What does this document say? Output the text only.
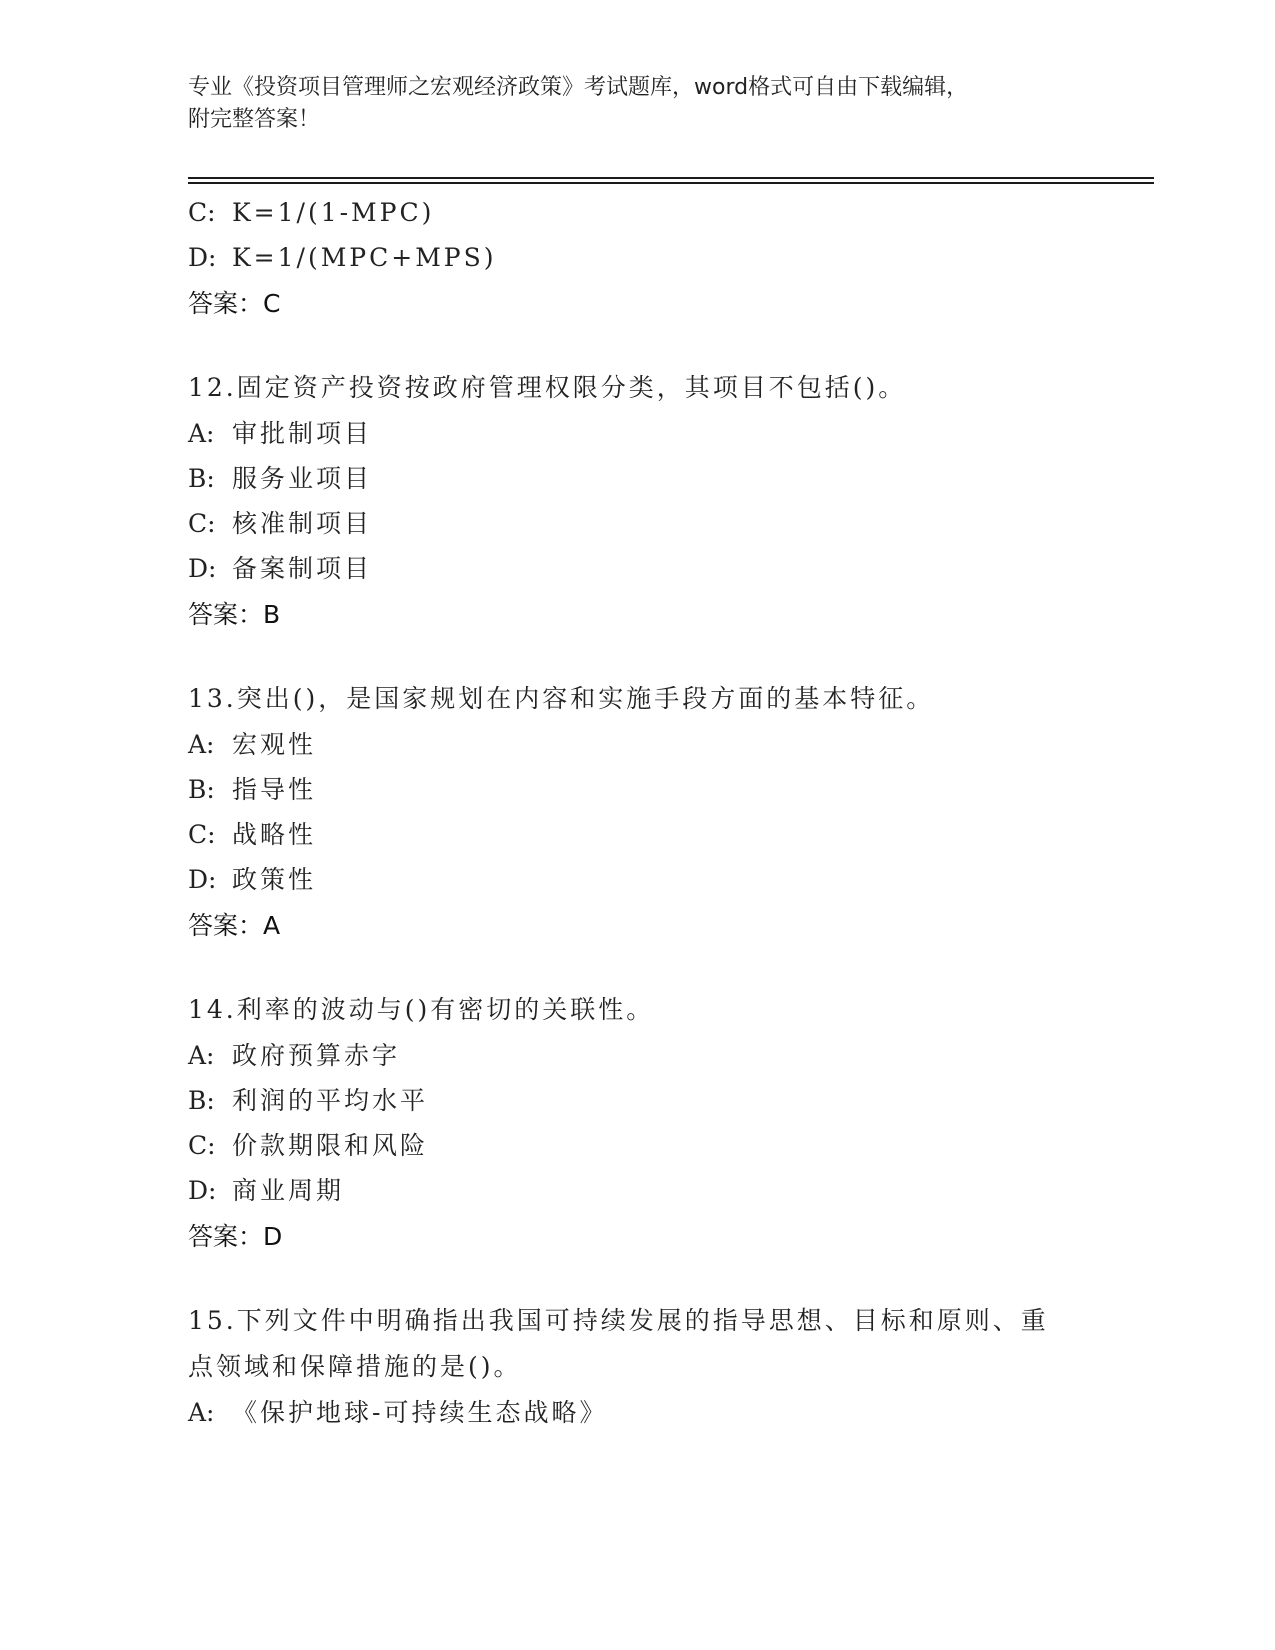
专业《投资项目管理师之宏观经济政策》考试题库，word格式可自由下载编辑，
附完整答案！
C: K=1/(1-MPC)
D: K=1/(MPC+MPS)
答案：C
12.固定资产投资按政府管理权限分类，其项目不包括()。
A: 审批制项目
B: 服务业项目
C: 核准制项目
D: 备案制项目
答案：B
13.突出()，是国家规划在内容和实施手段方面的基本特征。
A: 宏观性
B: 指导性
C: 战略性
D: 政策性
答案：A
14.利率的波动与()有密切的关联性。
A: 政府预算赤字
B: 利润的平均水平
C: 价款期限和风险
D: 商业周期
答案：D
15.下列文件中明确指出我国可持续发展的指导思想、目标和原则、重
点领域和保障措施的是()。
A: 《保护地球-可持续生态战略》
